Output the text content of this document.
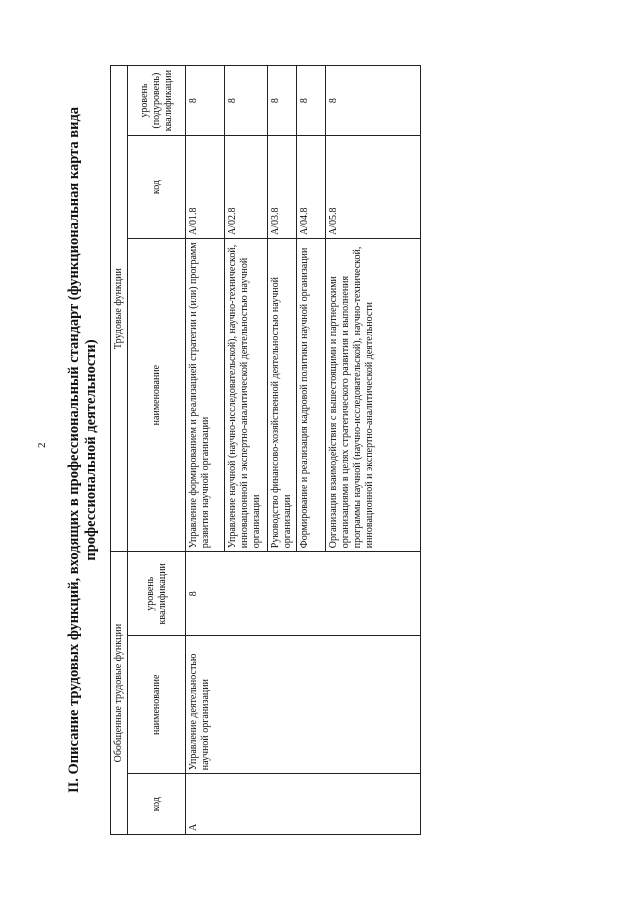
2 II. Описание трудовых функций, входящих в профессиональный стандарт (функциональная карта вида профессиональной деятельности)
Обобщенные трудовые функции			Трудовые функции		
код	наименование	уровень квалификации	наименование	код	уровень (подуровень) квалификации
A	Управление деятельностью научной организации	8	Управление формированием и реализацией стратегии и (или) программ развития научной организации	A/01.8	8
			Управление научной (научно-исследовательской), научно-технической, инновационной и экспертно-аналитической деятельностью научной организации	A/02.8	8
			Руководство финансово-хозяйственной деятельностью научной организации	A/03.8	8
			Формирование и реализация кадровой политики научной организации	A/04.8	8
			Организация взаимодействия с вышестоящими и партнерскими организациями в целях стратегического развития и выполнения программы научной (научно-исследовательской), научно-технической, инновационной и экспертно-аналитической деятельности	A/05.8	8
